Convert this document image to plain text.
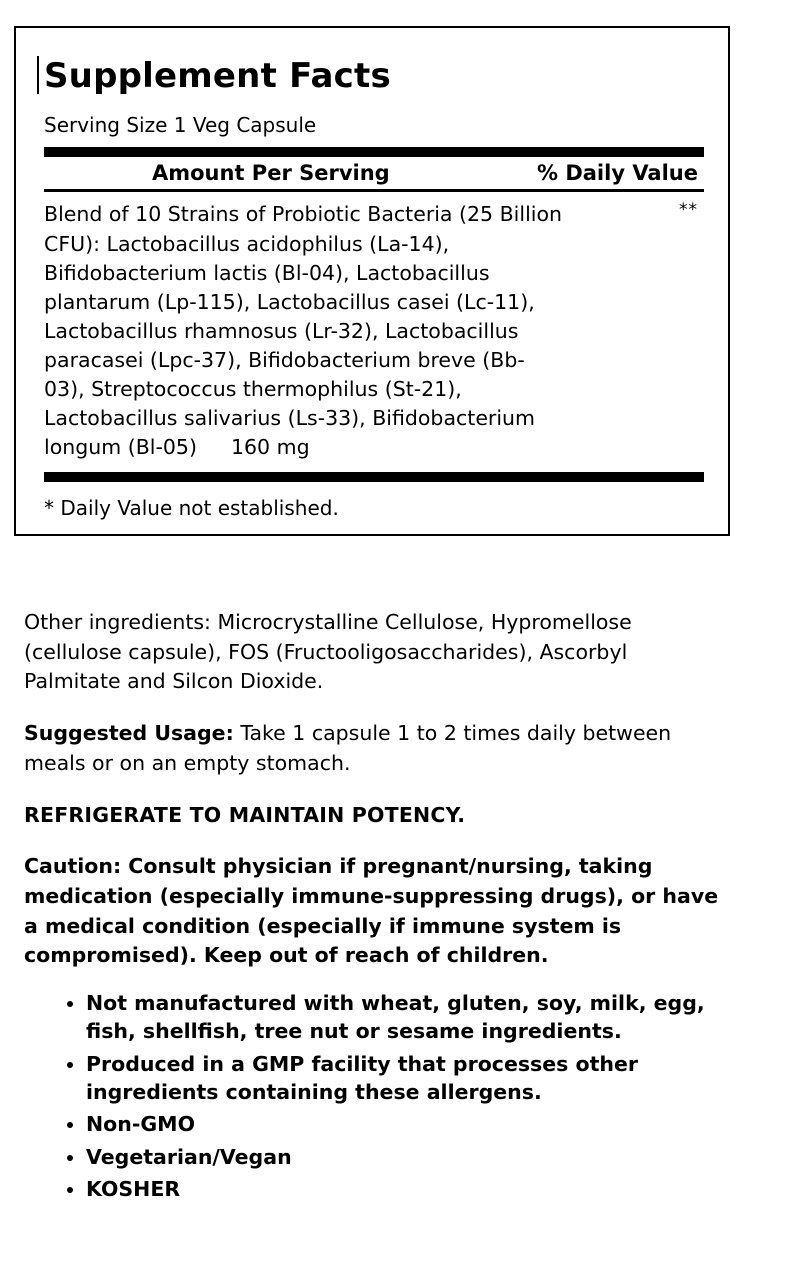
Supplement Facts
Serving Size 1 Veg Capsule
Amount Per Serving	% Daily Value
Blend of 10 Strains of Probiotic Bacteria (25 Billion CFU): Lactobacillus acidophilus (La-14), Bifidobacterium lactis (Bl-04), Lactobacillus plantarum (Lp-115), Lactobacillus casei (Lc-11), Lactobacillus rhamnosus (Lr-32), Lactobacillus paracasei (Lpc-37), Bifidobacterium breve (Bb-03), Streptococcus thermophilus (St-21), Lactobacillus salivarius (Ls-33), Bifidobacterium longum (Bl-05) 160 mg
**
* Daily Value not established.

Other ingredients: Microcrystalline Cellulose, Hypromellose (cellulose capsule), FOS (Fructooligosaccharides), Ascorbyl Palmitate and Silcon Dioxide.

Suggested Usage: Take 1 capsule 1 to 2 times daily between meals or on an empty stomach.

REFRIGERATE TO MAINTAIN POTENCY.

Caution: Consult physician if pregnant/nursing, taking medication (especially immune-suppressing drugs), or have a medical condition (especially if immune system is compromised). Keep out of reach of children.

• Not manufactured with wheat, gluten, soy, milk, egg, fish, shellfish, tree nut or sesame ingredients.
• Produced in a GMP facility that processes other ingredients containing these allergens.
• Non-GMO
• Vegetarian/Vegan
• KOSHER
